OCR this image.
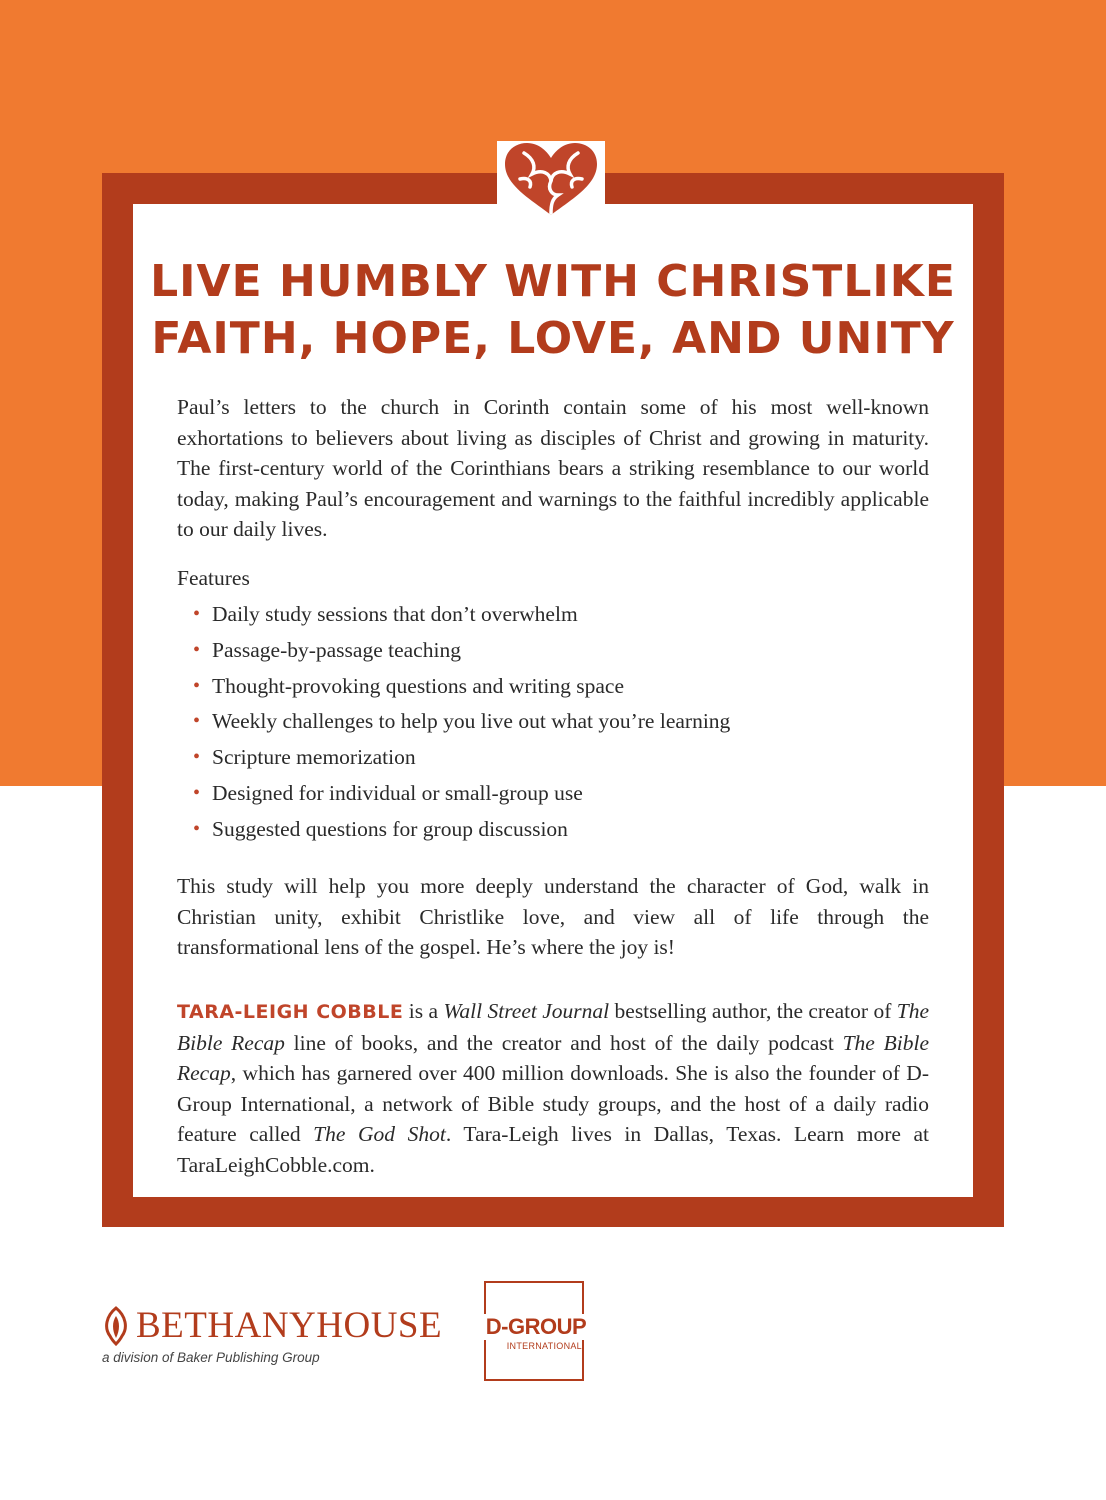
LIVE HUMBLY WITH CHRISTLIKE
FAITH, HOPE, LOVE, AND UNITY
Paul’s letters to the church in Corinth contain some of his most well-known exhortations to believers about living as disciples of Christ and growing in maturity. The first-century world of the Corinthians bears a striking resemblance to our world today, making Paul’s encouragement and warnings to the faithful incredibly applicable to our daily lives.
Features
• Daily study sessions that don’t overwhelm
• Passage-by-passage teaching
• Thought-provoking questions and writing space
• Weekly challenges to help you live out what you’re learning
• Scripture memorization
• Designed for individual or small-group use
• Suggested questions for group discussion
This study will help you more deeply understand the character of God, walk in Christian unity, exhibit Christlike love, and view all of life through the transformational lens of the gospel. He’s where the joy is!
TARA-LEIGH COBBLE is a Wall Street Journal bestselling author, the creator of The Bible Recap line of books, and the creator and host of the daily podcast The Bible Recap, which has garnered over 400 million downloads. She is also the founder of D-Group International, a network of Bible study groups, and the host of a daily radio feature called The God Shot. Tara-Leigh lives in Dallas, Texas. Learn more at TaraLeighCobble.com.
BETHANYHOUSE
a division of Baker Publishing Group
D-GROUP
INTERNATIONAL
